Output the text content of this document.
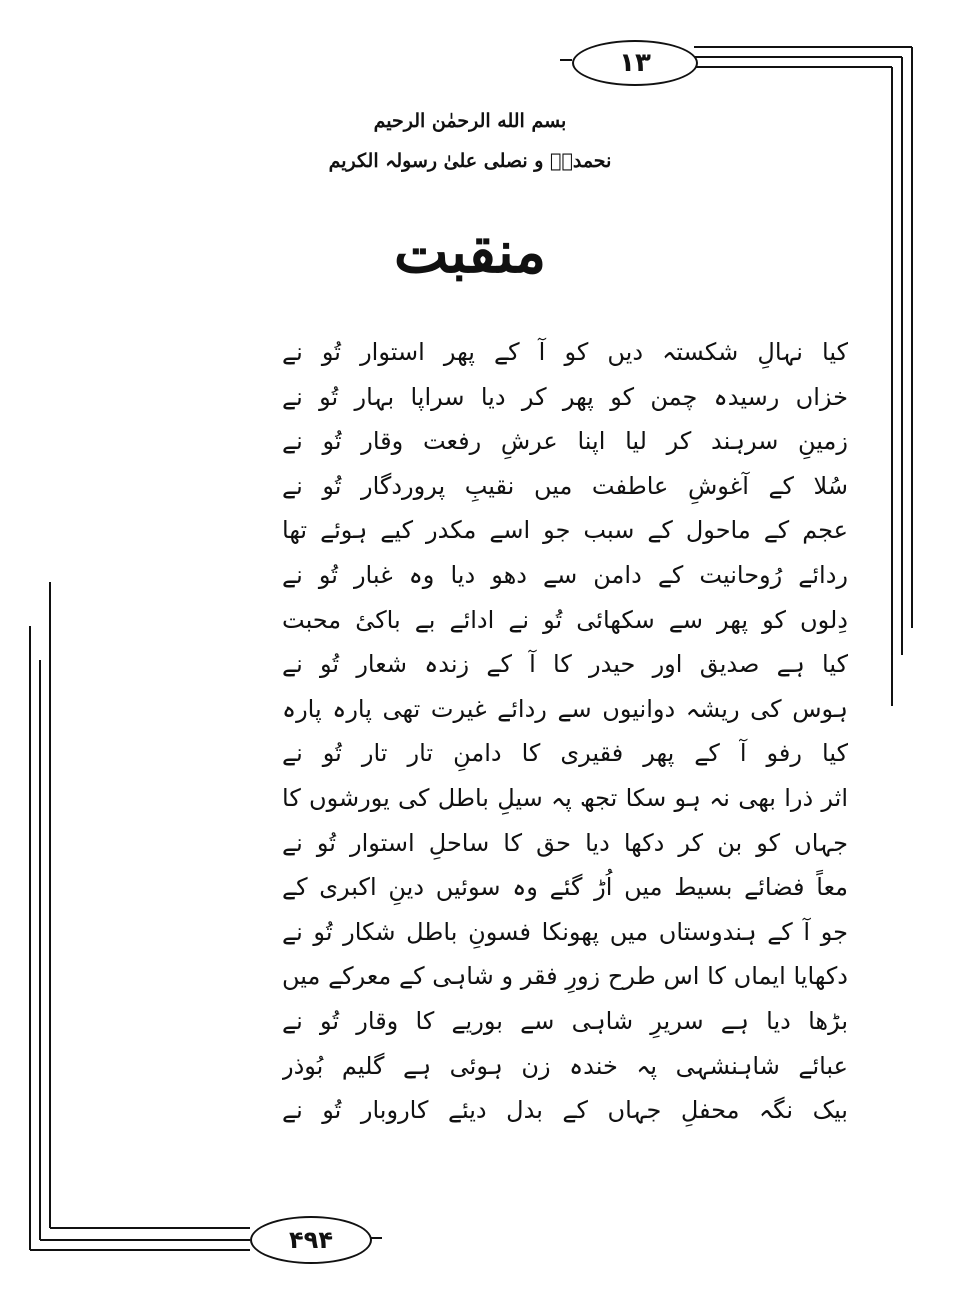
١٣
بسم الله الرحمٰن الرحیم
نحمدہٗ و نصلی علیٰ رسولہ الکریم
منقبت
کیا نہالِ شکستہ دیں کو آ کے پھر استوار تُو نے
خزاں رسیدہ چمن کو پھر کر دیا سراپا بہار تُو نے
زمینِ سرہند کر لیا اپنا عرشِ رفعت وقار تُو نے
سُلا کے آغوشِ عاطفت میں نقیبِ پروردگار تُو نے
عجم کے ماحول کے سبب جو اسے مکدر کیے ہوئے تھا
ردائے رُوحانیت کے دامن سے دھو دیا وہ غبار تُو نے
دِلوں کو پھر سے سکھائی تُو نے ادائے بے باکیٔ محبت
کیا ہے صدیق اور حیدر کا آ کے زندہ شعار تُو نے
ہوس کی ریشہ دوانیوں سے ردائے غیرت تھی پارہ پارہ
کیا رفو آ کے پھر فقیری کا دامنِ تار تار تُو نے
اثر ذرا بھی نہ ہو سکا تجھ پہ سیلِ باطل کی یورشوں کا
جہاں کو بن کر دکھا دیا حق کا ساحلِ استوار تُو نے
معاً فضائے بسیط میں اُڑ گئے وہ سوئیں دینِ اکبری کے
جو آ کے ہندوستاں میں پھونکا فسونِ باطل شکار تُو نے
دکھایا ایماں کا اس طرح زورِ فقر و شاہی کے معرکے میں
بڑھا دیا ہے سریرِ شاہی سے بوریے کا وقار تُو نے
عبائے شاہنشہی پہ خندہ زن ہوئی ہے گلیم بُوذر
بیک نگہ محفلِ جہاں کے بدل دیئے کاروبار تُو نے
۴۹۴
